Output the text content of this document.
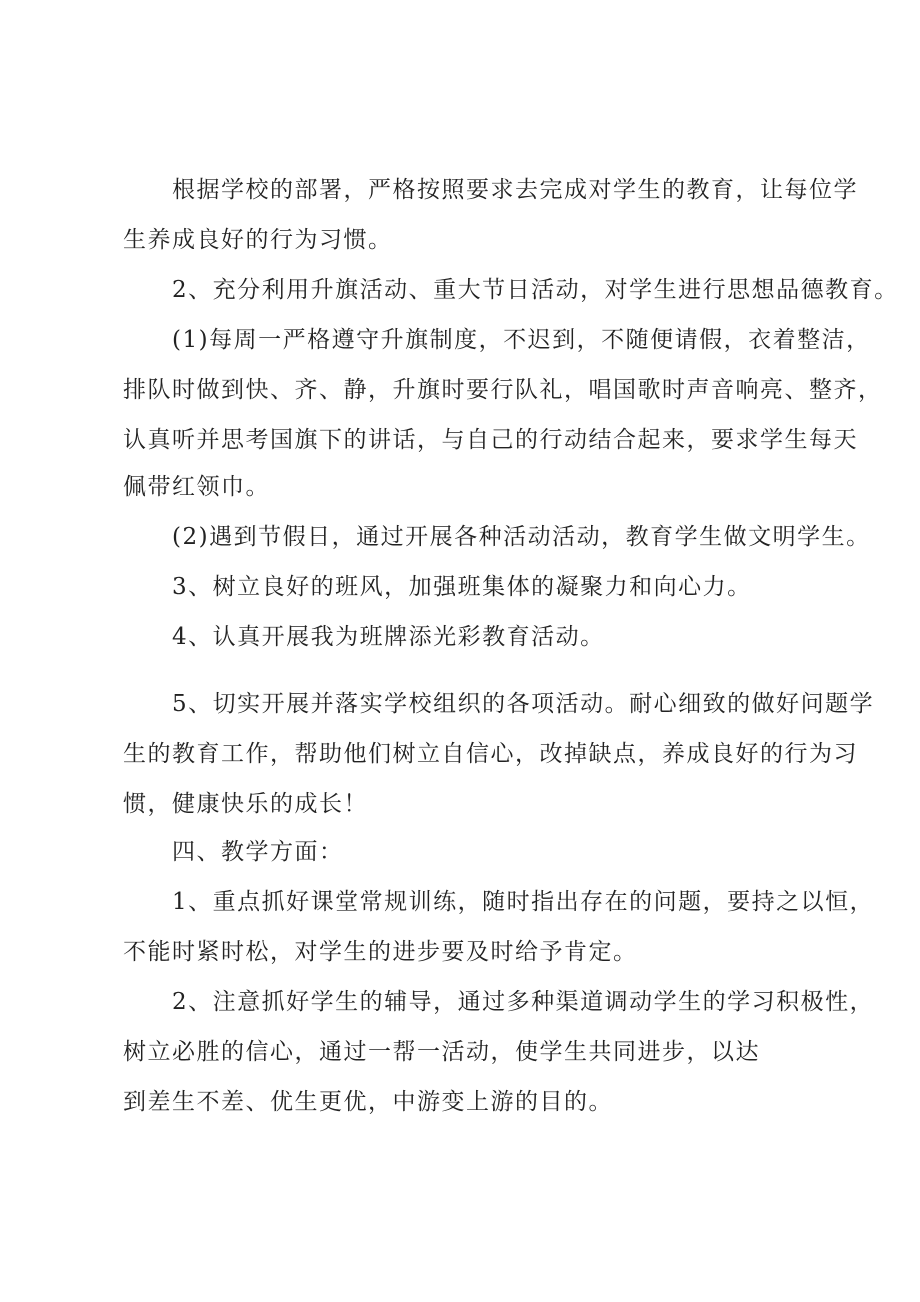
根据学校的部署，严格按照要求去完成对学生的教育，让每位学
生养成良好的行为习惯。
2、充分利用升旗活动、重大节日活动，对学生进行思想品德教育。
(1)每周一严格遵守升旗制度，不迟到，不随便请假，衣着整洁，
排队时做到快、齐、静，升旗时要行队礼，唱国歌时声音响亮、整齐，
认真听并思考国旗下的讲话，与自己的行动结合起来，要求学生每天
佩带红领巾。
(2)遇到节假日，通过开展各种活动活动，教育学生做文明学生。
3、树立良好的班风，加强班集体的凝聚力和向心力。
4、认真开展我为班牌添光彩教育活动。
5、切实开展并落实学校组织的各项活动。耐心细致的做好问题学
生的教育工作，帮助他们树立自信心，改掉缺点，养成良好的行为习
惯，健康快乐的成长！
四、教学方面：
1、重点抓好课堂常规训练，随时指出存在的问题，要持之以恒，
不能时紧时松，对学生的进步要及时给予肯定。
2、注意抓好学生的辅导，通过多种渠道调动学生的学习积极性，
树立必胜的信心，通过一帮一活动，使学生共同进步，以达
到差生不差、优生更优，中游变上游的目的。
